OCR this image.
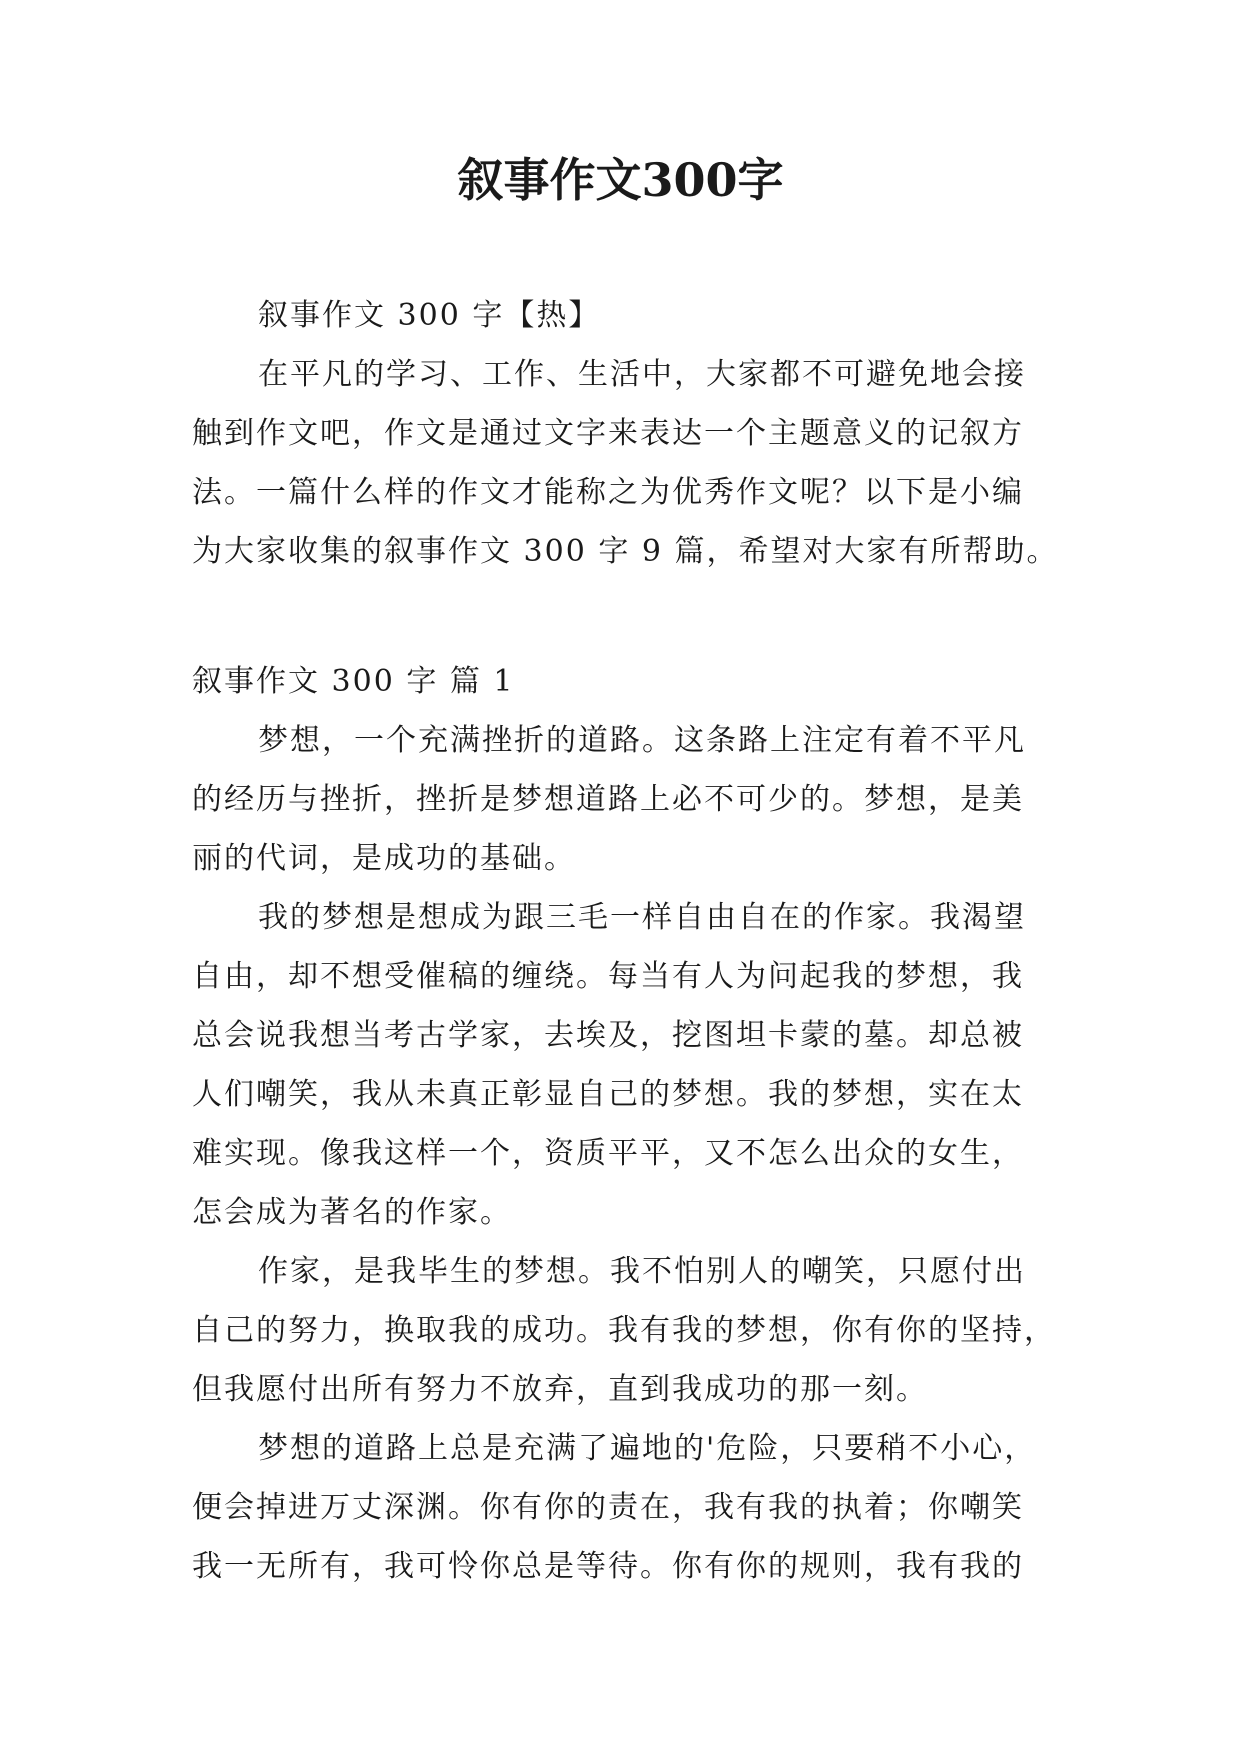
叙事作文300字
叙事作文 300 字【热】
在平凡的学习、工作、生活中，大家都不可避免地会接
触到作文吧，作文是通过文字来表达一个主题意义的记叙方
法。一篇什么样的作文才能称之为优秀作文呢？以下是小编
为大家收集的叙事作文 300 字 9 篇，希望对大家有所帮助。
叙事作文 300 字 篇 1
梦想，一个充满挫折的道路。这条路上注定有着不平凡
的经历与挫折，挫折是梦想道路上必不可少的。梦想，是美
丽的代词，是成功的基础。
我的梦想是想成为跟三毛一样自由自在的作家。我渴望
自由，却不想受催稿的缠绕。每当有人为问起我的梦想，我
总会说我想当考古学家，去埃及，挖图坦卡蒙的墓。却总被
人们嘲笑，我从未真正彰显自己的梦想。我的梦想，实在太
难实现。像我这样一个，资质平平，又不怎么出众的女生，
怎会成为著名的作家。
作家，是我毕生的梦想。我不怕别人的嘲笑，只愿付出
自己的努力，换取我的成功。我有我的梦想，你有你的坚持，
但我愿付出所有努力不放弃，直到我成功的那一刻。
梦想的道路上总是充满了遍地的'危险，只要稍不小心，
便会掉进万丈深渊。你有你的责在，我有我的执着；你嘲笑
我一无所有，我可怜你总是等待。你有你的规则，我有我的
